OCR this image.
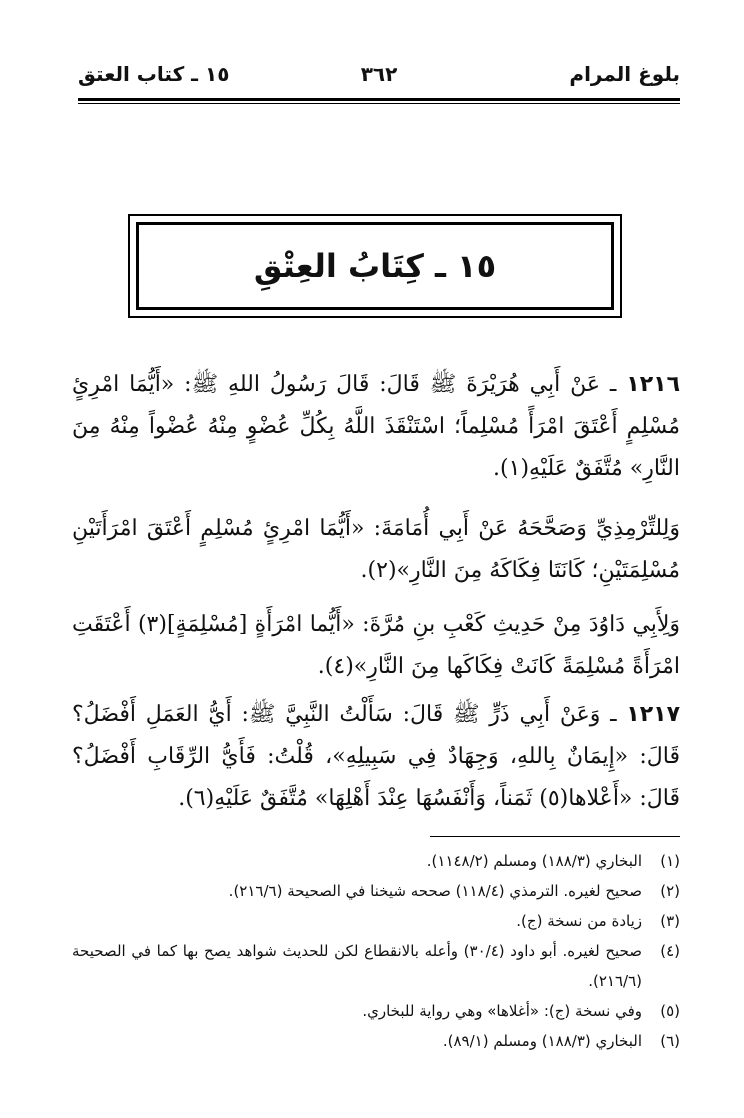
بلوغ المرام
٣٦٢
١٥ ـ كتاب العتق
١٥ ـ كِتَابُ العِتْقِ

١٢١٦ ـ عَنْ أَبِي هُرَيْرَةَ ﷺ قَالَ: قَالَ رَسُولُ اللهِ ﷺ: «أَيُّمَا امْرِئٍ مُسْلِمٍ أَعْتَقَ امْرَأً مُسْلِماً؛ اسْتَنْقَذَ اللَّهُ بِكُلِّ عُضْوٍ مِنْهُ عُضْواً مِنْهُ مِنَ النَّارِ» مُتَّفَقٌ عَلَيْهِ(١).

وَلِلتِّرْمِذِيِّ وَصَحَّحَهُ عَنْ أَبِي أُمَامَةَ: «أَيُّمَا امْرِئٍ مُسْلِمٍ أَعْتَقَ امْرَأَتَيْنِ مُسْلِمَتَيْنِ؛ كَانَتَا فِكَاكَهُ مِنَ النَّارِ»(٢).

وَلِأَبِي دَاوُدَ مِنْ حَدِيثِ كَعْبِ بنِ مُرَّةَ: «أَيُّما امْرَأَةٍ [مُسْلِمَةٍ](٣) أَعْتَقَتِ امْرَأَةً مُسْلِمَةً كَانَتْ فِكَاكَها مِنَ النَّارِ»(٤).

١٢١٧ ـ وَعَنْ أَبِي ذَرٍّ ﷺ قَالَ: سَأَلْتُ النَّبِيَّ ﷺ: أَيُّ العَمَلِ أَفْضَلُ؟ قَالَ: «إِيمَانٌ بِاللهِ، وَجِهَادٌ فِي سَبِيلِهِ»، قُلْتُ: فَأَيُّ الرِّقَابِ أَفْضَلُ؟ قَالَ: «أَعْلاها(٥) ثَمَناً، وَأَنْفَسُهَا عِنْدَ أَهْلِهَا» مُتَّفَقٌ عَلَيْهِ(٦).

(١)
البخاري (١٨٨/٣) ومسلم (١١٤٨/٢).
(٢)
صحيح لغيره. الترمذي (١١٨/٤) صححه شيخنا في الصحيحة (٢١٦/٦).
(٣)
زيادة من نسخة (ج).
(٤)
صحيح لغيره. أبو داود (٣٠/٤) وأعله بالانقطاع لكن للحديث شواهد يصح بها كما في الصحيحة (٢١٦/٦).
(٥)
وفي نسخة (ج): «أغلاها» وهي رواية للبخاري.
(٦)
البخاري (١٨٨/٣) ومسلم (٨٩/١).
